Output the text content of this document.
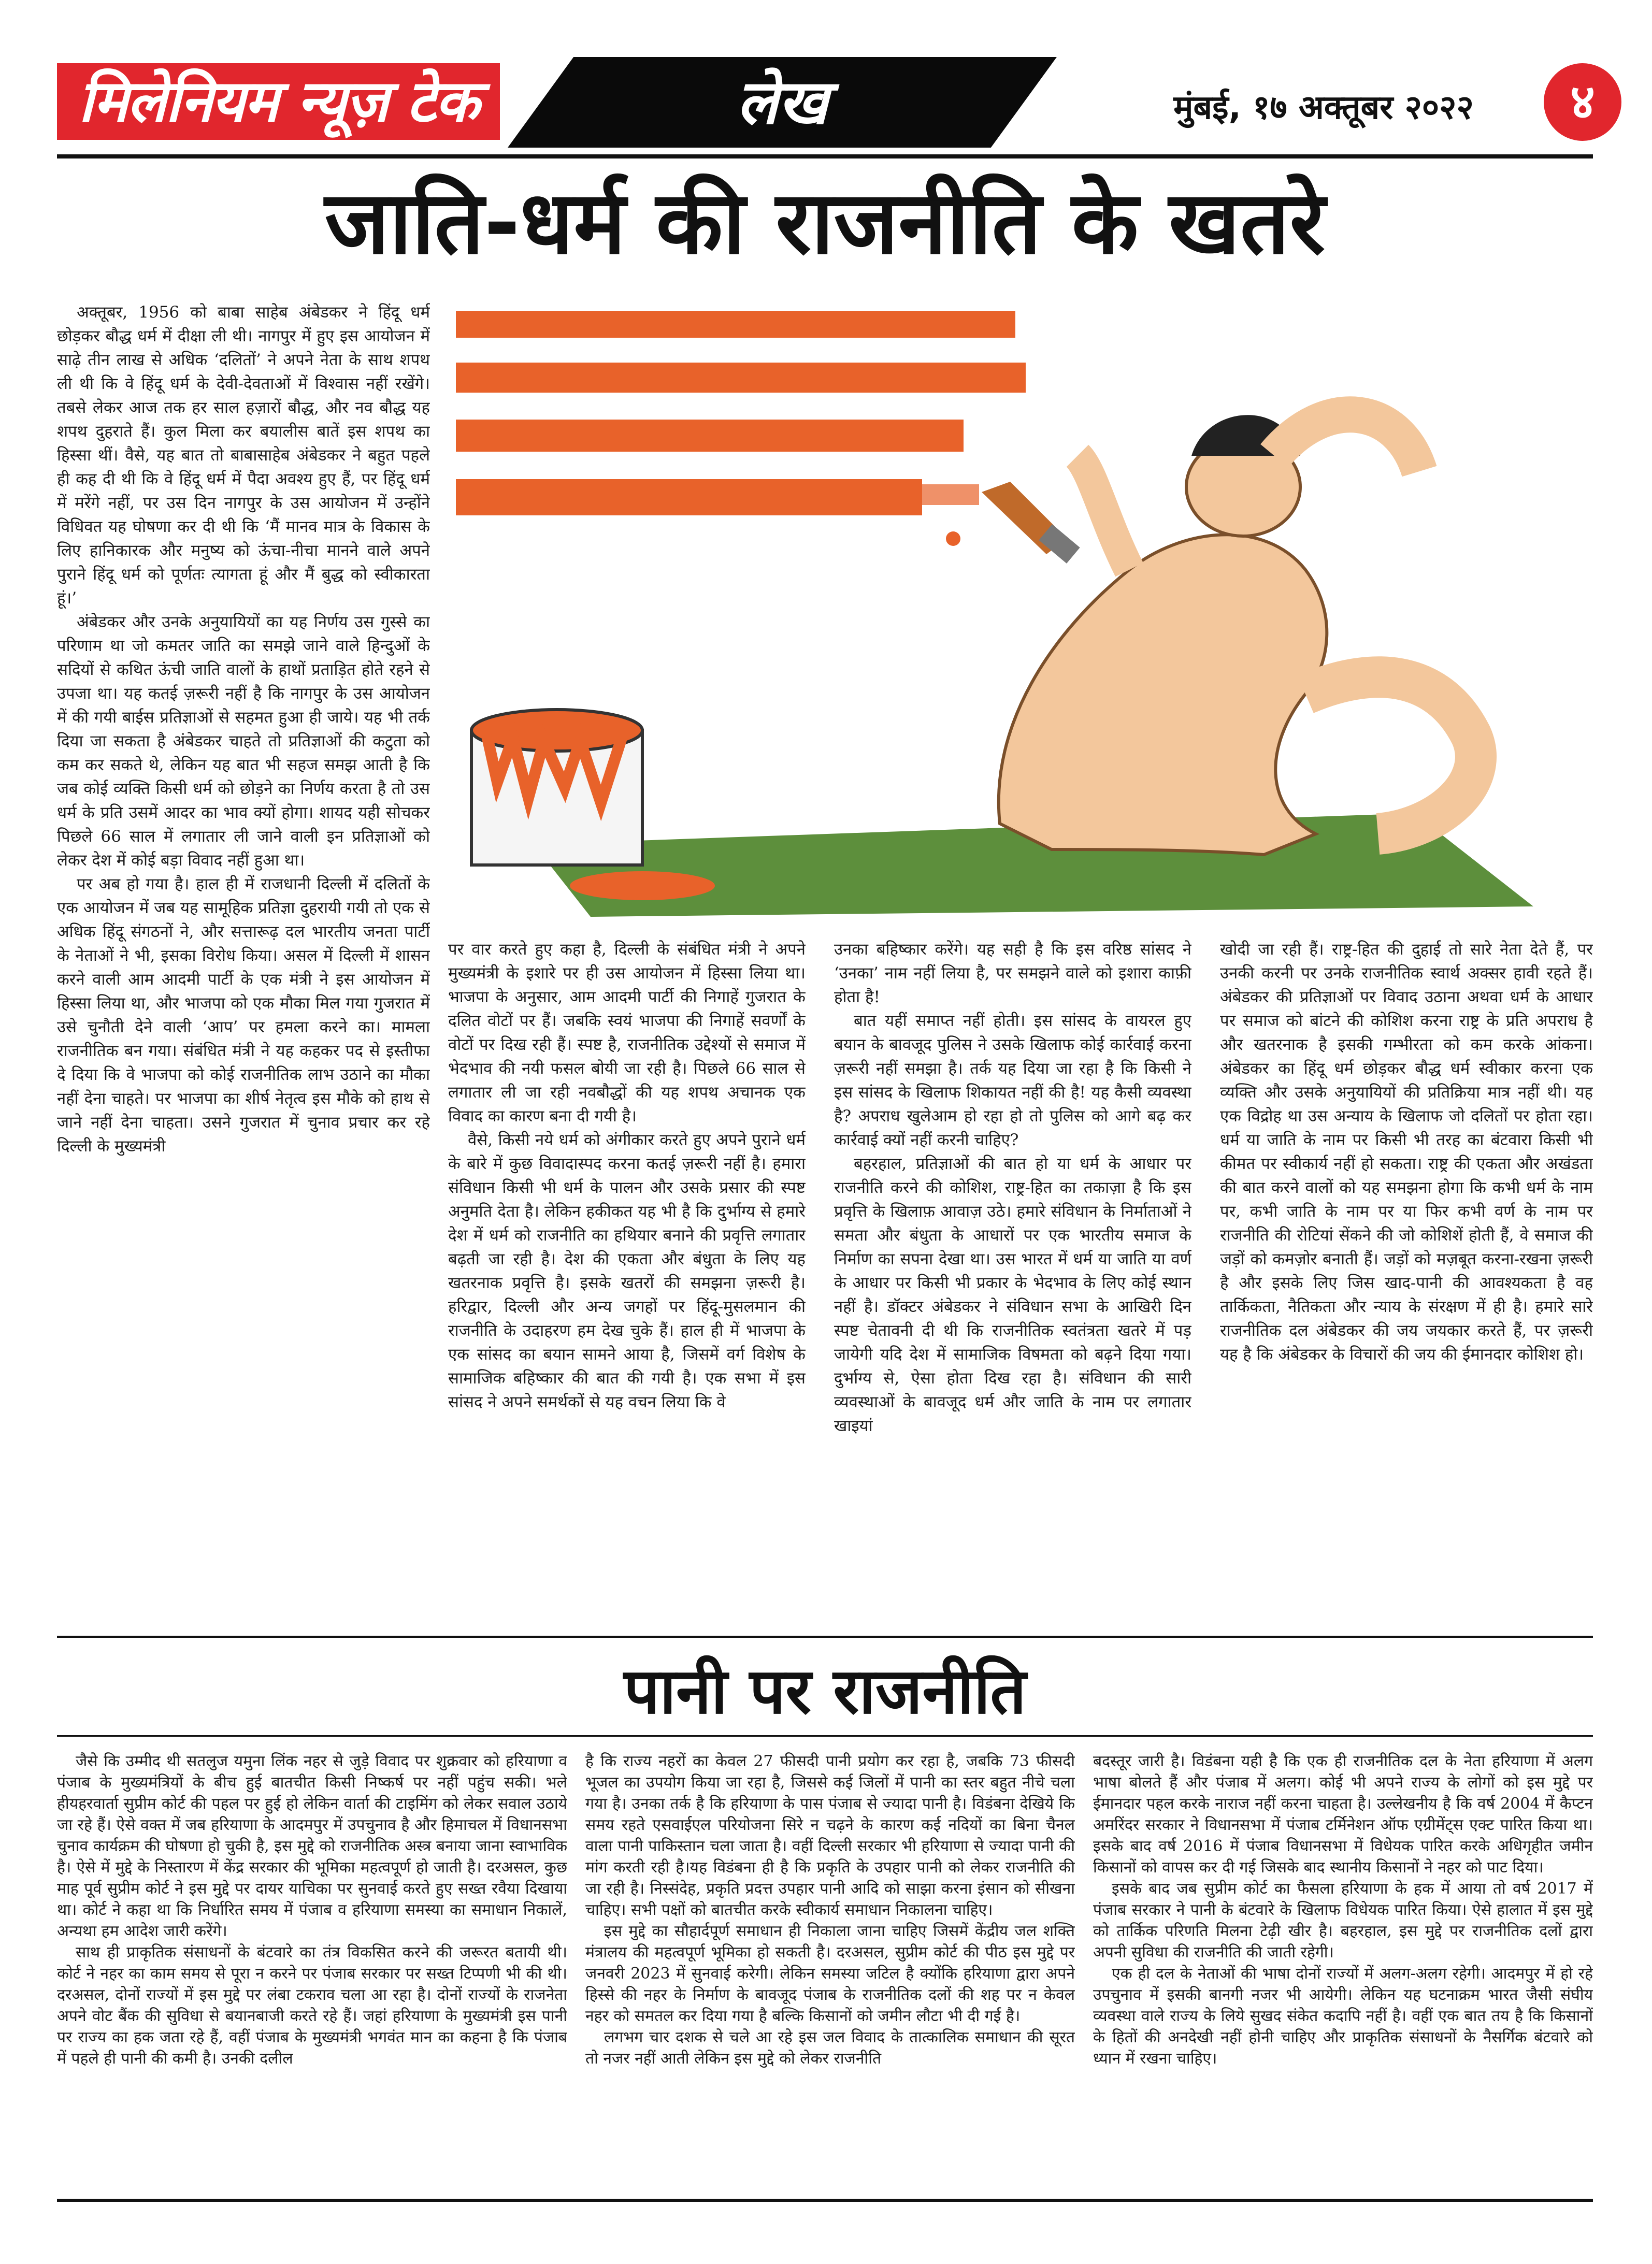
मिलेनियम न्यूज़ टेक	लेख	मुंबई, १७ अक्तूबर २०२२	४
जाति-धर्म की राजनीति के खतरे

अक्तूबर, 1956 को बाबा साहेब अंबेडकर ने हिंदू धर्म छोड़कर बौद्ध धर्म में दीक्षा ली थी। नागपुर में हुए इस आयोजन में साढ़े तीन लाख से अधिक ‘दलितों’ ने अपने नेता के साथ शपथ ली थी कि वे हिंदू धर्म के देवी-देवताओं में विश्वास नहीं रखेंगे। तबसे लेकर आज तक हर साल हज़ारों बौद्ध, और नव बौद्ध यह शपथ दुहराते हैं। कुल मिला कर बयालीस बातें इस शपथ का हिस्सा थीं। वैसे, यह बात तो बाबासाहेब अंबेडकर ने बहुत पहले ही कह दी थी कि वे हिंदू धर्म में पैदा अवश्य हुए हैं, पर हिंदू धर्म में मरेंगे नहीं, पर उस दिन नागपुर के उस आयोजन में उन्होंने विधिवत यह घोषणा कर दी थी कि ‘मैं मानव मात्र के विकास के लिए हानिकारक और मनुष्य को ऊंचा-नीचा मानने वाले अपने पुराने हिंदू धर्म को पूर्णतः त्यागता हूं और मैं बुद्ध को स्वीकारता हूं।’

अंबेडकर और उनके अनुयायियों का यह निर्णय उस गुस्से का परिणाम था जो कमतर जाति का समझे जाने वाले हिन्दुओं के सदियों से कथित ऊंची जाति वालों के हाथों प्रताड़ित होते रहने से उपजा था। यह कतई ज़रूरी नहीं है कि नागपुर के उस आयोजन में की गयी बाईस प्रतिज्ञाओं से सहमत हुआ ही जाये। यह भी तर्क दिया जा सकता है अंबेडकर चाहते तो प्रतिज्ञाओं की कटुता को कम कर सकते थे, लेकिन यह बात भी सहज समझ आती है कि जब कोई व्यक्ति किसी धर्म को छोड़ने का निर्णय करता है तो उस धर्म के प्रति उसमें आदर का भाव क्यों होगा। शायद यही सोचकर पिछले 66 साल में लगातार ली जाने वाली इन प्रतिज्ञाओं को लेकर देश में कोई बड़ा विवाद नहीं हुआ था।

पर अब हो गया है। हाल ही में राजधानी दिल्ली में दलितों के एक आयोजन में जब यह सामूहिक प्रतिज्ञा दुहरायी गयी तो एक से अधिक हिंदू संगठनों ने, और सत्तारूढ़ दल भारतीय जनता पार्टी के नेताओं ने भी, इसका विरोध किया। असल में दिल्ली में शासन करने वाली आम आदमी पार्टी के एक मंत्री ने इस आयोजन में हिस्सा लिया था, और भाजपा को एक मौका मिल गया गुजरात में उसे चुनौती देने वाली ‘आप’ पर हमला करने का। मामला राजनीतिक बन गया। संबंधित मंत्री ने यह कहकर पद से इस्तीफा दे दिया कि वे भाजपा को कोई राजनीतिक लाभ उठाने का मौका नहीं देना चाहते। पर भाजपा का शीर्ष नेतृत्व इस मौके को हाथ से जाने नहीं देना चाहता। उसने गुजरात में चुनाव प्रचार कर रहे दिल्ली के मुख्यमंत्री

पर वार करते हुए कहा है, दिल्ली के संबंधित मंत्री ने अपने मुख्यमंत्री के इशारे पर ही उस आयोजन में हिस्सा लिया था। भाजपा के अनुसार, आम आदमी पार्टी की निगाहें गुजरात के दलित वोटों पर हैं। जबकि स्वयं भाजपा की निगाहें सवर्णों के वोटों पर दिख रही हैं। स्पष्ट है, राजनीतिक उद्देश्यों से समाज में भेदभाव की नयी फसल बोयी जा रही है। पिछले 66 साल से लगातार ली जा रही नवबौद्धों की यह शपथ अचानक एक विवाद का कारण बना दी गयी है।

वैसे, किसी नये धर्म को अंगीकार करते हुए अपने पुराने धर्म के बारे में कुछ विवादास्पद करना कतई ज़रूरी नहीं है। हमारा संविधान किसी भी धर्म के पालन और उसके प्रसार की स्पष्ट अनुमति देता है। लेकिन हकीकत यह भी है कि दुर्भाग्य से हमारे देश में धर्म को राजनीति का हथियार बनाने की प्रवृत्ति लगातार बढ़ती जा रही है। देश की एकता और बंधुता के लिए यह खतरनाक प्रवृत्ति है। इसके खतरों की समझना ज़रूरी है। हरिद्वार, दिल्ली और अन्य जगहों पर हिंदू-मुसलमान की राजनीति के उदाहरण हम देख चुके हैं। हाल ही में भाजपा के एक सांसद का बयान सामने आया है, जिसमें वर्ग विशेष के सामाजिक बहिष्कार की बात की गयी है। एक सभा में इस सांसद ने अपने समर्थकों से यह वचन लिया कि वे

उनका बहिष्कार करेंगे। यह सही है कि इस वरिष्ठ सांसद ने ‘उनका’ नाम नहीं लिया है, पर समझने वाले को इशारा काफ़ी होता है!

बात यहीं समाप्त नहीं होती। इस सांसद के वायरल हुए बयान के बावजूद पुलिस ने उसके खिलाफ कोई कार्रवाई करना ज़रूरी नहीं समझा है। तर्क यह दिया जा रहा है कि किसी ने इस सांसद के खिलाफ शिकायत नहीं की है! यह कैसी व्यवस्था है? अपराध खुलेआम हो रहा हो तो पुलिस को आगे बढ़ कर कार्रवाई क्यों नहीं करनी चाहिए?

बहरहाल, प्रतिज्ञाओं की बात हो या धर्म के आधार पर राजनीति करने की कोशिश, राष्ट्र-हित का तकाज़ा है कि इस प्रवृत्ति के खिलाफ़ आवाज़ उठे। हमारे संविधान के निर्माताओं ने समता और बंधुता के आधारों पर एक भारतीय समाज के निर्माण का सपना देखा था। उस भारत में धर्म या जाति या वर्ण के आधार पर किसी भी प्रकार के भेदभाव के लिए कोई स्थान नहीं है। डॉक्टर अंबेडकर ने संविधान सभा के आखिरी दिन स्पष्ट चेतावनी दी थी कि राजनीतिक स्वतंत्रता खतरे में पड़ जायेगी यदि देश में सामाजिक विषमता को बढ़ने दिया गया। दुर्भाग्य से, ऐसा होता दिख रहा है। संविधान की सारी व्यवस्थाओं के बावजूद धर्म और जाति के नाम पर लगातार खाइयां

खोदी जा रही हैं। राष्ट्र-हित की दुहाई तो सारे नेता देते हैं, पर उनकी करनी पर उनके राजनीतिक स्वार्थ अक्सर हावी रहते हैं। अंबेडकर की प्रतिज्ञाओं पर विवाद उठाना अथवा धर्म के आधार पर समाज को बांटने की कोशिश करना राष्ट्र के प्रति अपराध है और खतरनाक है इसकी गम्भीरता को कम करके आंकना।अंबेडकर का हिंदू धर्म छोड़कर बौद्ध धर्म स्वीकार करना एक व्यक्ति और उसके अनुयायियों की प्रतिक्रिया मात्र नहीं थी। यह एक विद्रोह था उस अन्याय के खिलाफ जो दलितों पर होता रहा। धर्म या जाति के नाम पर किसी भी तरह का बंटवारा किसी भी कीमत पर स्वीकार्य नहीं हो सकता। राष्ट्र की एकता और अखंडता की बात करने वालों को यह समझना होगा कि कभी धर्म के नाम पर, कभी जाति के नाम पर या फिर कभी वर्ण के नाम पर राजनीति की रोटियां सेंकने की जो कोशिशें होती हैं, वे समाज की जड़ों को कमज़ोर बनाती हैं। जड़ों को मज़बूत करना-रखना ज़रूरी है और इसके लिए जिस खाद-पानी की आवश्यकता है वह तार्किकता, नैतिकता और न्याय के संरक्षण में ही है। हमारे सारे राजनीतिक दल अंबेडकर की जय जयकार करते हैं, पर ज़रूरी यह है कि अंबेडकर के विचारों की जय की ईमानदार कोशिश हो।

पानी पर राजनीति

जैसे कि उम्मीद थी सतलुज यमुना लिंक नहर से जुड़े विवाद पर शुक्रवार को हरियाणा व पंजाब के मुख्यमंत्रियों के बीच हुई बातचीत किसी निष्कर्ष पर नहीं पहुंच सकी। भले हीयहरवार्ता सुप्रीम कोर्ट की पहल पर हुई हो लेकिन वार्ता की टाइमिंग को लेकर सवाल उठाये जा रहे हैं। ऐसे वक्त में जब हरियाणा के आदमपुर में उपचुनाव है और हिमाचल में विधानसभा चुनाव कार्यक्रम की घोषणा हो चुकी है, इस मुद्दे को राजनीतिक अस्त्र बनाया जाना स्वाभाविक है। ऐसे में मुद्दे के निस्तारण में केंद्र सरकार की भूमिका महत्वपूर्ण हो जाती है। दरअसल, कुछ माह पूर्व सुप्रीम कोर्ट ने इस मुद्दे पर दायर याचिका पर सुनवाई करते हुए सख्त रवैया दिखाया था। कोर्ट ने कहा था कि निर्धारित समय में पंजाब व हरियाणा समस्या का समाधान निकालें, अन्यथा हम आदेश जारी करेंगे।

साथ ही प्राकृतिक संसाधनों के बंटवारे का तंत्र विकसित करने की जरूरत बतायी थी। कोर्ट ने नहर का काम समय से पूरा न करने पर पंजाब सरकार पर सख्त टिप्पणी भी की थी। दरअसल, दोनों राज्यों में इस मुद्दे पर लंबा टकराव चला आ रहा है। दोनों राज्यों के राजनेता अपने वोट बैंक की सुविधा से बयानबाजी करते रहे हैं। जहां हरियाणा के मुख्यमंत्री इस पानी पर राज्य का हक जता रहे हैं, वहीं पंजाब के मुख्यमंत्री भगवंत मान का कहना है कि पंजाब में पहले ही पानी की कमी है। उनकी दलील

है कि राज्य नहरों का केवल 27 फीसदी पानी प्रयोग कर रहा है, जबकि 73 फीसदी भूजल का उपयोग किया जा रहा है, जिससे कई जिलों में पानी का स्तर बहुत नीचे चला गया है। उनका तर्क है कि हरियाणा के पास पंजाब से ज्यादा पानी है। विडंबना देखिये कि समय रहते एसवाईएल परियोजना सिरे न चढ़ने के कारण कई नदियों का बिना चैनल वाला पानी पाकिस्तान चला जाता है। वहीं दिल्ली सरकार भी हरियाणा से ज्यादा पानी की मांग करती रही है।यह विडंबना ही है कि प्रकृति के उपहार पानी को लेकर राजनीति की जा रही है। निस्संदेह, प्रकृति प्रदत्त उपहार पानी आदि को साझा करना इंसान को सीखना चाहिए। सभी पक्षों को बातचीत करके स्वीकार्य समाधान निकालना चाहिए।

इस मुद्दे का सौहार्दपूर्ण समाधान ही निकाला जाना चाहिए जिसमें केंद्रीय जल शक्ति मंत्रालय की महत्वपूर्ण भूमिका हो सकती है। दरअसल, सुप्रीम कोर्ट की पीठ इस मुद्दे पर जनवरी 2023 में सुनवाई करेगी। लेकिन समस्या जटिल है क्योंकि हरियाणा द्वारा अपने हिस्से की नहर के निर्माण के बावजूद पंजाब के राजनीतिक दलों की शह पर न केवल नहर को समतल कर दिया गया है बल्कि किसानों को जमीन लौटा भी दी गई है।

लगभग चार दशक से चले आ रहे इस जल विवाद के तात्कालिक समाधान की सूरत तो नजर नहीं आती लेकिन इस मुद्दे को लेकर राजनीति

बदस्तूर जारी है। विडंबना यही है कि एक ही राजनीतिक दल के नेता हरियाणा में अलग भाषा बोलते हैं और पंजाब में अलग। कोई भी अपने राज्य के लोगों को इस मुद्दे पर ईमानदार पहल करके नाराज नहीं करना चाहता है। उल्लेखनीय है कि वर्ष 2004 में कैप्टन अमरिंदर सरकार ने विधानसभा में पंजाब टर्मिनेशन ऑफ एग्रीमेंट्स एक्ट पारित किया था। इसके बाद वर्ष 2016 में पंजाब विधानसभा में विधेयक पारित करके अधिगृहीत जमीन किसानों को वापस कर दी गई जिसके बाद स्थानीय किसानों ने नहर को पाट दिया।

इसके बाद जब सुप्रीम कोर्ट का फैसला हरियाणा के हक में आया तो वर्ष 2017 में पंजाब सरकार ने पानी के बंटवारे के खिलाफ विधेयक पारित किया। ऐसे हालात में इस मुद्दे को तार्किक परिणति मिलना टेढ़ी खीर है। बहरहाल, इस मुद्दे पर राजनीतिक दलों द्वारा अपनी सुविधा की राजनीति की जाती रहेगी।

एक ही दल के नेताओं की भाषा दोनों राज्यों में अलग-अलग रहेगी। आदमपुर में हो रहे उपचुनाव में इसकी बानगी नजर भी आयेगी। लेकिन यह घटनाक्रम भारत जैसी संघीय व्यवस्था वाले राज्य के लिये सुखद संकेत कदापि नहीं है। वहीं एक बात तय है कि किसानों के हितों की अनदेखी नहीं होनी चाहिए और प्राकृतिक संसाधनों के नैसर्गिक बंटवारे को ध्यान में रखना चाहिए।
